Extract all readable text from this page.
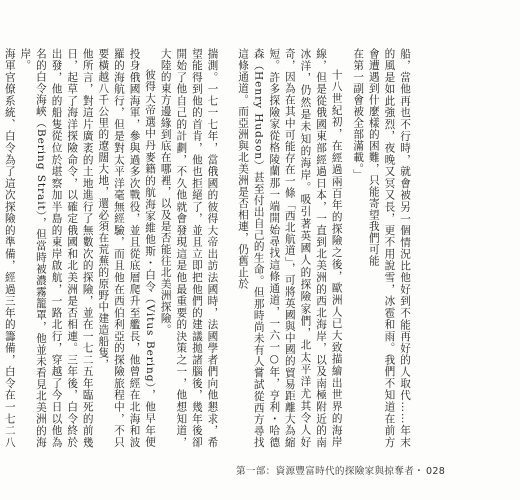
船，當他再也不行時，就會被另一個情況比他好到不能再好的人取代……年末的風是如此強烈，夜晚又冥又長，更不用說雪，冰雹和雨。我們不知道在前方會遭遇到什麼樣的困難，只能寄望我們可能

在第一副會被全部滿載。」

十八世紀初，在經過兩百年的探險之後，歐洲人已大致描繪出世界的海岸線，但是從俄國東部經過日本，一直到北美洲的西北海岸，以及南極附近的南冰洋，仍然是未知的海岸。吸引著英國人的探險家們，北太平洋尤其令人好奇，因為在其中可能存在一條「西北航道」，可將英國與中國的貿易距離大為縮短。許多探險家從格陵蘭那一端開始尋找這條通道，一六一○年，亨利・哈德森（Henry Hudson）甚至付出自己的生命。但那時尚未有人嘗試從西方尋找這條通道。而亞洲與北美洲是否相連，仍舊止於

揣測。一七一七年，當俄國的彼得大帝出訪法國時，法國學者們向他懇求，希望能得到他的首肯，他也拒絕了，並且立即把他們的建議拋諸腦後，幾年後卻開始了他自己的計劃，不久他就會發現這是他最重要的決策之一，他想知道，大陸的東方邊緣到底在哪裡，以及是否能往北美洲探險。

彼得大帝選中丹麥籍的航海家維他斯・白令（Vitus Bering），他早年便投身俄國海軍，參與過多次戰役，並且從底層爬升至艦長，他曾經在北海和波羅的海航行，但是對太平洋毫無經驗，而且他在西伯利亞的探險旅程中，不只要橫越八千公里的遼闊大地，還必須在荒蕪的原野中建造船隻，

他所言，對這片廣袤的土地進行了無數次的探險，並在一七二五年臨死的前幾日，起草了海洋探險命令，以確定俄國和北美洲是否相連。三年後，白令終於出發，他的船隻從位於堪察加半島的東岸啟航，一路北行，穿越了今日以他為名的白令海峽（Bering Strait），但當時被濃霧籠罩，他並未看見北美洲的海岸。

海軍官僚系統、白令為了這次探險的準備，經過三年的籌備，白令在一七二八

第一部：資源豐富時代的探險家與掠奪者・ 028
